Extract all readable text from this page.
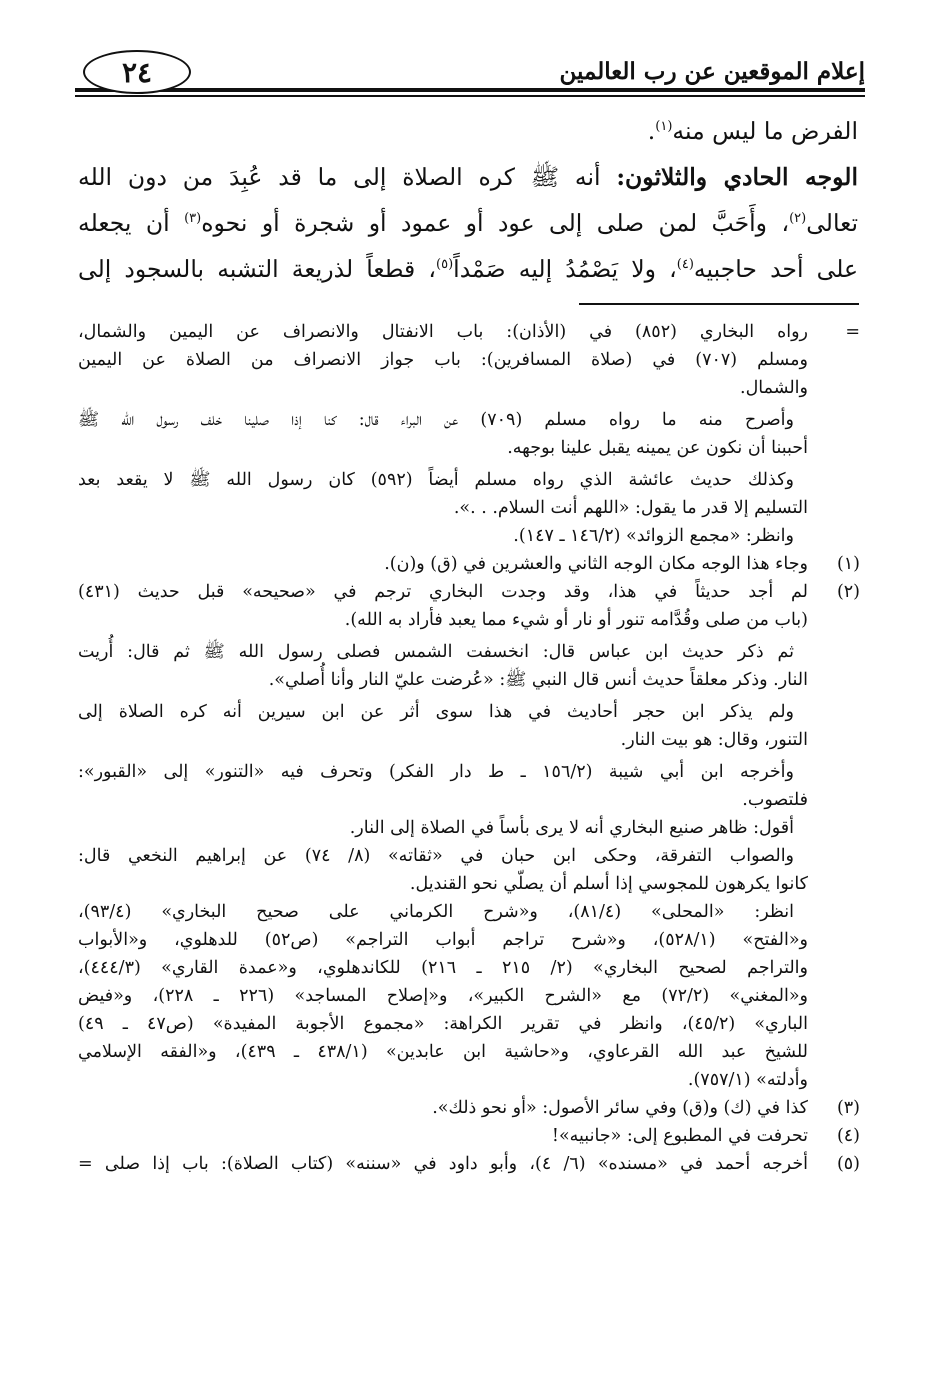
إعلام الموقعين عن رب العالمين
٢٤
الفرض ما ليس منه$^{(١)}$.
الوجه الحادي والثلاثون: أنه ﷺ كره الصلاة إلى ما قد عُبِدَ من دون الله
تعالى$^{(٢)}$، وأَحَبَّ لمن صلى إلى عود أو عمود أو شجرة أو نحوه$^{(٣)}$ أن يجعله
على أحد حاجبيه$^{(٤)}$، ولا يَصْمُدُ إليه صَمْداً$^{(٥)}$، قطعاً لذريعة التشبه بالسجود إلى
=
رواه البخاري (٨٥٢) في (الأذان): باب الانفتال والانصراف عن اليمين والشمال،
ومسلم (٧٠٧) في (صلاة المسافرين): باب جواز الانصراف من الصلاة عن اليمين
والشمال.
وأصرح منه ما رواه مسلم (٧٠٩) عن البراء قال: كنا إذا صلينا خلف رسول الله ﷺ
أحببنا أن نكون عن يمينه يقبل علينا بوجهه.
وكذلك حديث عائشة الذي رواه مسلم أيضاً (٥٩٢) كان رسول الله ﷺ لا يقعد بعد
التسليم إلا قدر ما يقول: «اللهم أنت السلام. . .».
وانظر: «مجمع الزوائد» (١٤٦/٢ ـ ١٤٧).
(١)
وجاء هذا الوجه مكان الوجه الثاني والعشرين في (ق) و(ن).
(٢)
لم أجد حديثاً في هذا، وقد وجدت البخاري ترجم في «صحيحه» قبل حديث (٤٣١)
(باب من صلى وقُدَّامه تنور أو نار أو شيء مما يعبد فأراد به الله).
ثم ذكر حديث ابن عباس قال: انخسفت الشمس فصلى رسول الله ﷺ ثم قال: أُريت
النار. وذكر معلقاً حديث أنس قال النبي ﷺ: «عُرضت عليّ النار وأنا أُصلي».
ولم يذكر ابن حجر أحاديث في هذا سوى أثر عن ابن سيرين أنه كره الصلاة إلى
التنور، وقال: هو بيت النار.
وأخرجه ابن أبي شيبة (١٥٦/٢ ـ ط دار الفكر) وتحرف فيه «التنور» إلى «القبور»:
فلتصوب.
أقول: ظاهر صنيع البخاري أنه لا يرى بأساً في الصلاة إلى النار.
والصواب التفرقة، وحكى ابن حبان في «ثقاته» (٨/ ٧٤) عن إبراهيم النخعي قال:
كانوا يكرهون للمجوسي إذا أسلم أن يصلّي نحو القنديل.
انظر: «المحلى» (٨١/٤)، و«شرح الكرماني على صحيح البخاري» (٩٣/٤)،
و«الفتح» (٥٢٨/١)، و«شرح تراجم أبواب التراجم» (ص٥٢) للدهلوي، و«الأبواب
والتراجم لصحيح البخاري» (٢/ ٢١٥ ـ ٢١٦) للكاندهلوي، و«عمدة القاري» (٤٤٤/٣)،
و«المغني» (٧٢/٢) مع «الشرح الكبير»، و«إصلاح المساجد» (٢٢٦ ـ ٢٢٨)، و«فيض
الباري» (٤٥/٢)، وانظر في تقرير الكراهة: «مجموع الأجوبة المفيدة» (ص٤٧ ـ ٤٩)
للشيخ عبد الله القرعاوي، و«حاشية ابن عابدين» (٤٣٨/١ ـ ٤٣٩)، و«الفقه الإسلامي
وأدلته» (٧٥٧/١).
(٣)
كذا في (ك) و(ق) وفي سائر الأصول: «أو نحو ذلك».
(٤)
تحرفت في المطبوع إلى: «جانبيه»!
(٥)
أخرجه أحمد في «مسنده» (٦/ ٤)، وأبو داود في «سننه» (كتاب الصلاة): باب إذا صلى =
